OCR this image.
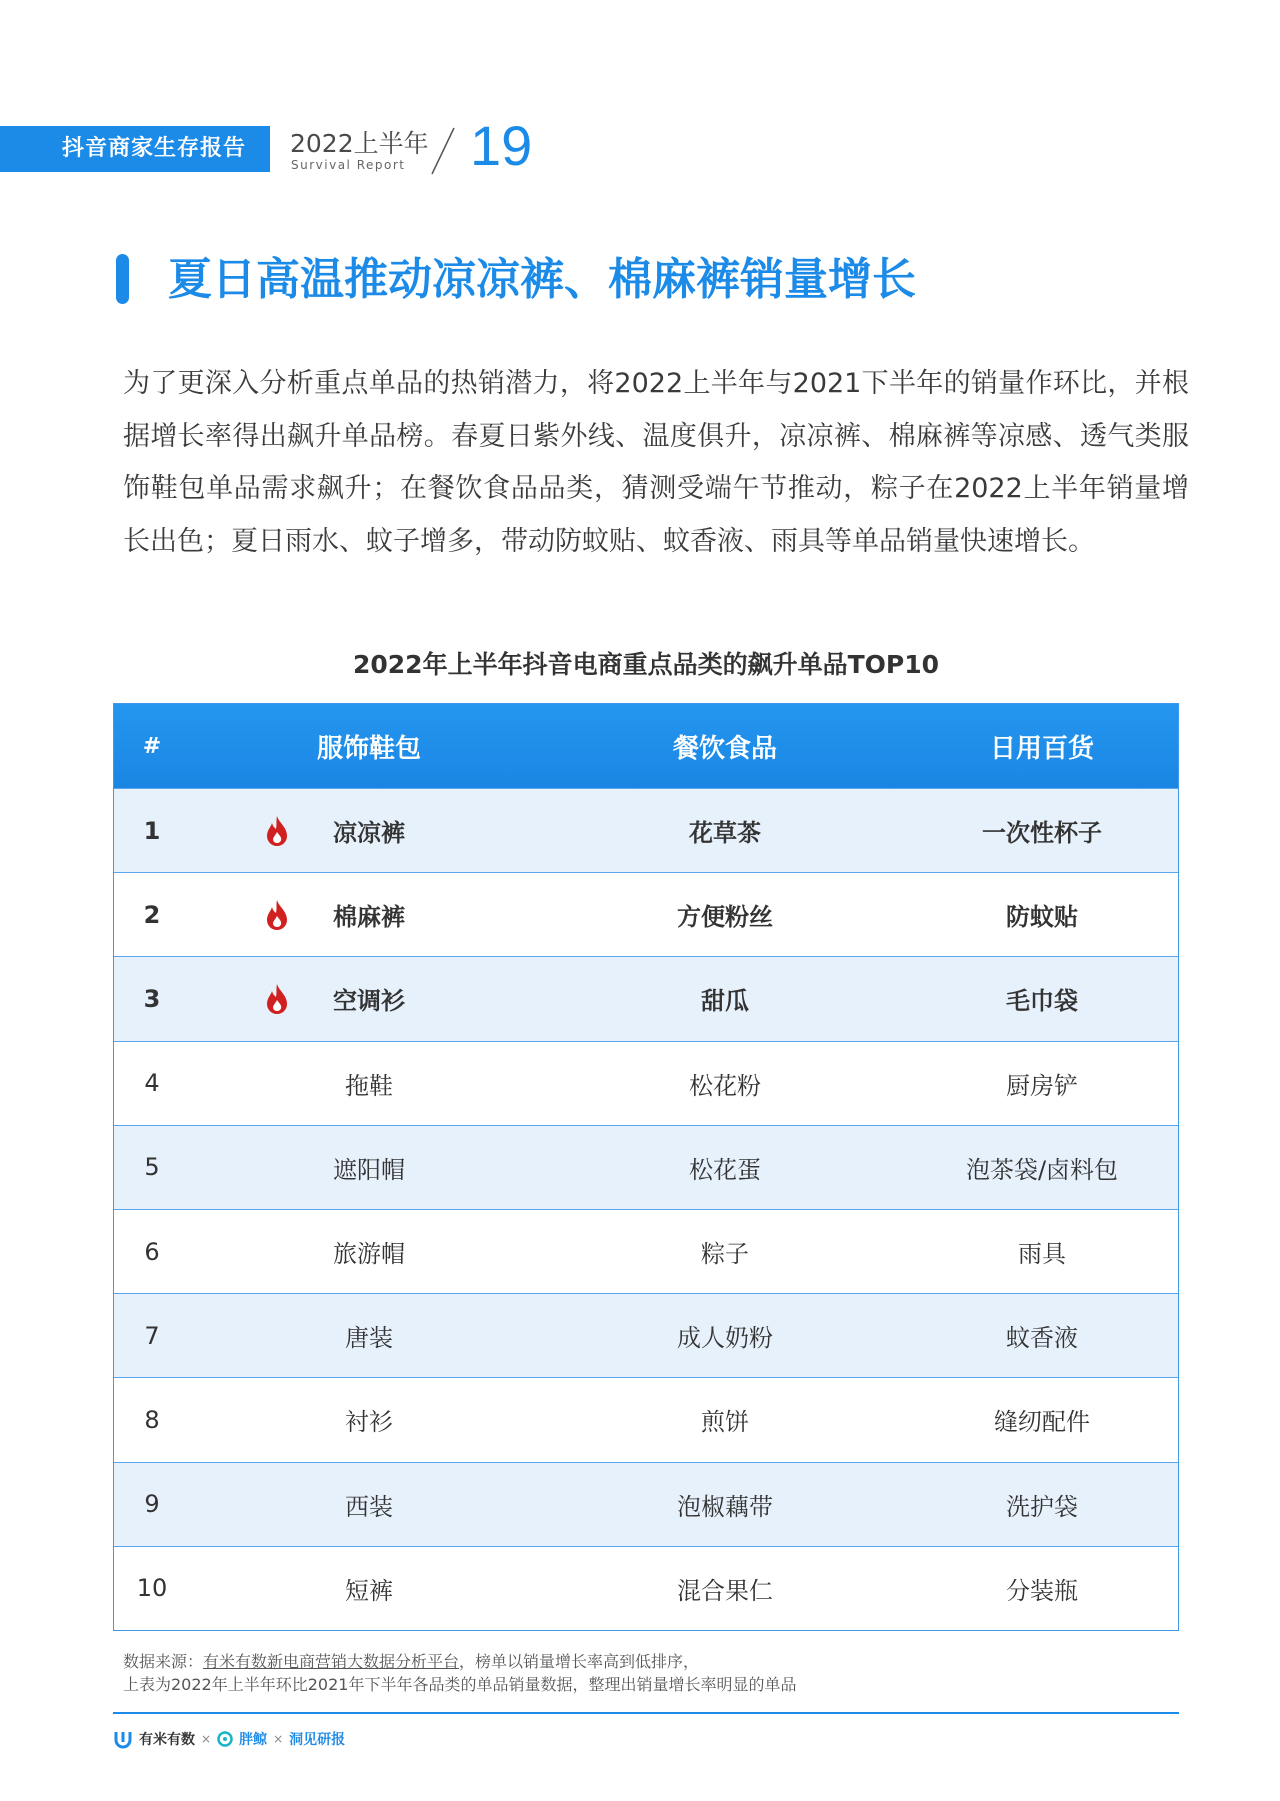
抖音商家生存报告	2022上半年
Survival Report 19
夏日高温推动凉凉裤、棉麻裤销量增长
为了更深入分析重点单品的热销潜力，将2022上半年与2021下半年的销量作环比，并根据增长率得出飙升单品榜。春夏日紫外线、温度俱升，凉凉裤、棉麻裤等凉感、透气类服饰鞋包单品需求飙升；在餐饮食品品类，猜测受端午节推动，粽子在2022上半年销量增长出色；夏日雨水、蚊子增多，带动防蚊贴、蚊香液、雨具等单品销量快速增长。
2022年上半年抖音电商重点品类的飙升单品TOP10
#	服饰鞋包	餐饮食品	日用百货
1	凉凉裤	花草茶	一次性杯子
2	棉麻裤	方便粉丝	防蚊贴
3	空调衫	甜瓜	毛巾袋
4	拖鞋	松花粉	厨房铲
5	遮阳帽	松花蛋	泡茶袋/卤料包
6	旅游帽	粽子	雨具
7	唐装	成人奶粉	蚊香液
8	衬衫	煎饼	缝纫配件
9	西装	泡椒藕带	洗护袋
10	短裤	混合果仁	分装瓶
数据来源：有米有数新电商营销大数据分析平台，榜单以销量增长率高到低排序，
上表为2022年上半年环比2021年下半年各品类的单品销量数据，整理出销量增长率明显的单品
有米有数 × 胖鲸 × 洞见研报
